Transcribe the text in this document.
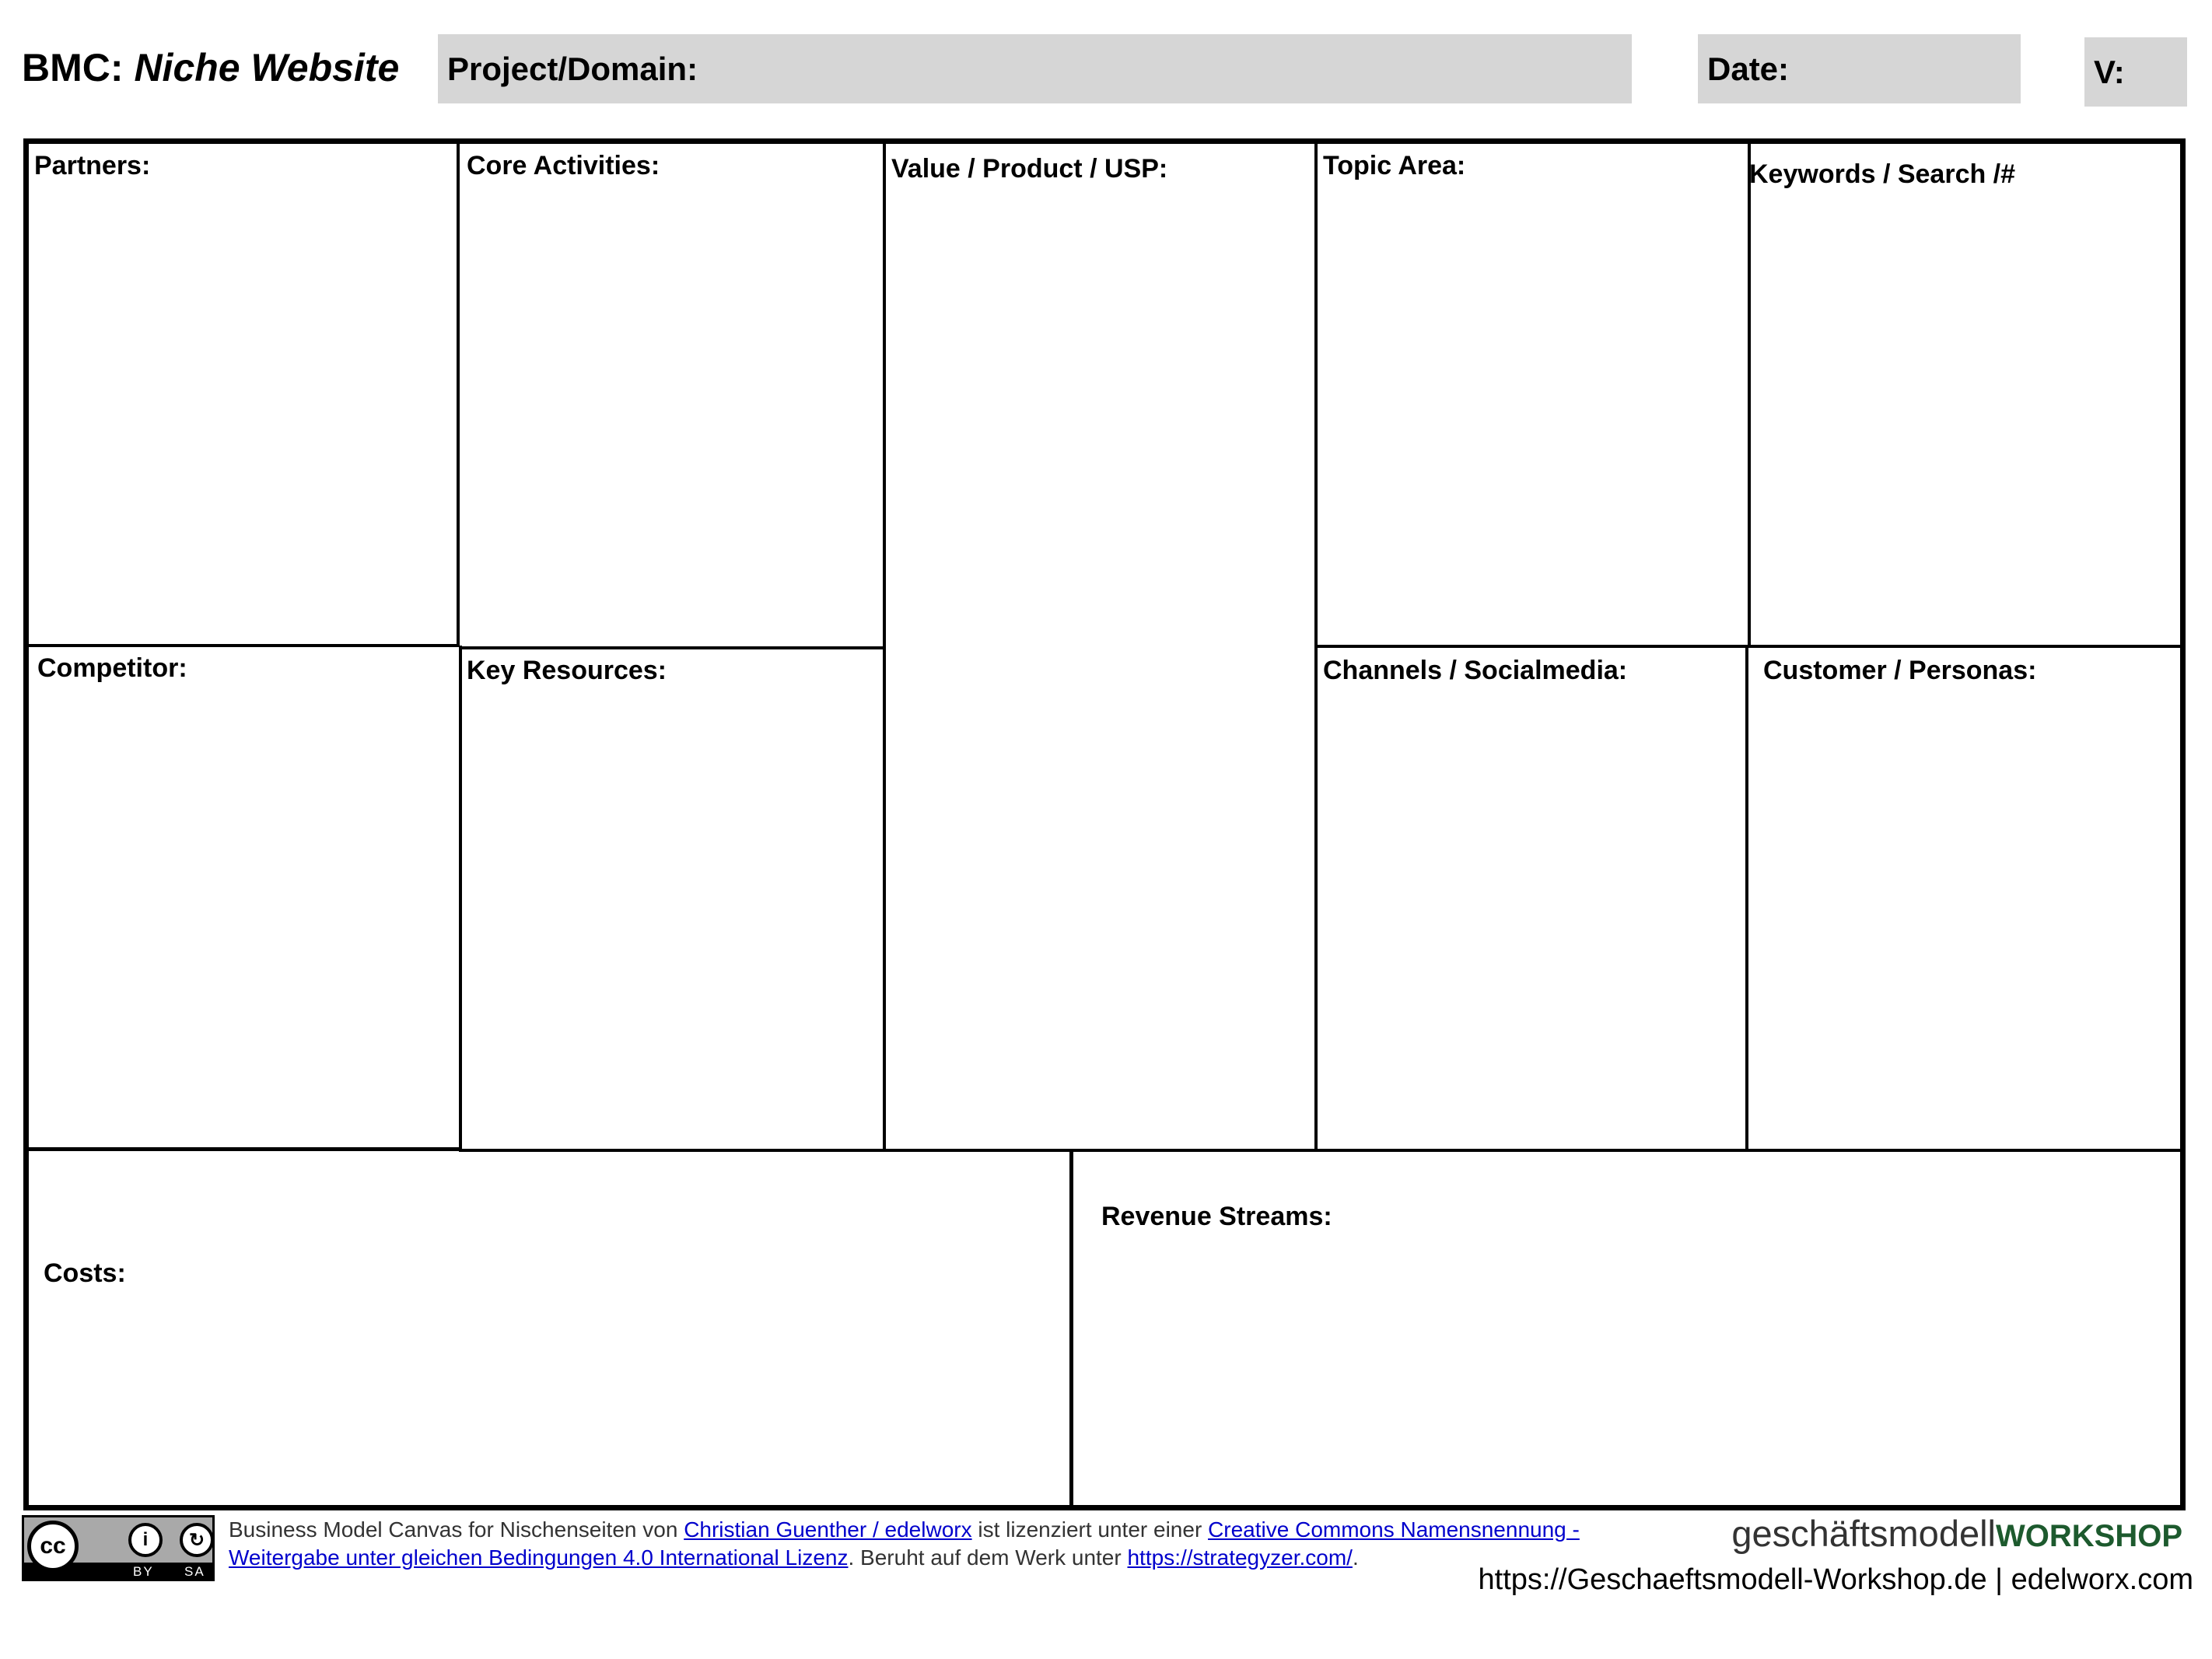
BMC: Niche Website Project/Domain:	Date:	V:
Partners:	Core Activities:	Value / Product / USP:	Topic Area:	Keywords / Search /#
Competitor:	Key Resources:	Channels / Socialmedia:	Customer / Personas:
Costs:
Revenue Streams:
cc	i ↻
BY SA
Business Model Canvas for Nischenseiten von Christian Guenther / edelworx ist lizenziert unter einer Creative Commons Namensnennung - Weitergabe unter gleichen Bedingungen 4.0 International Lizenz. Beruht auf dem Werk unter https://strategyzer.com/.
geschäftsmodellWORKSHOP
https://Geschaeftsmodell-Workshop.de | edelworx.com
